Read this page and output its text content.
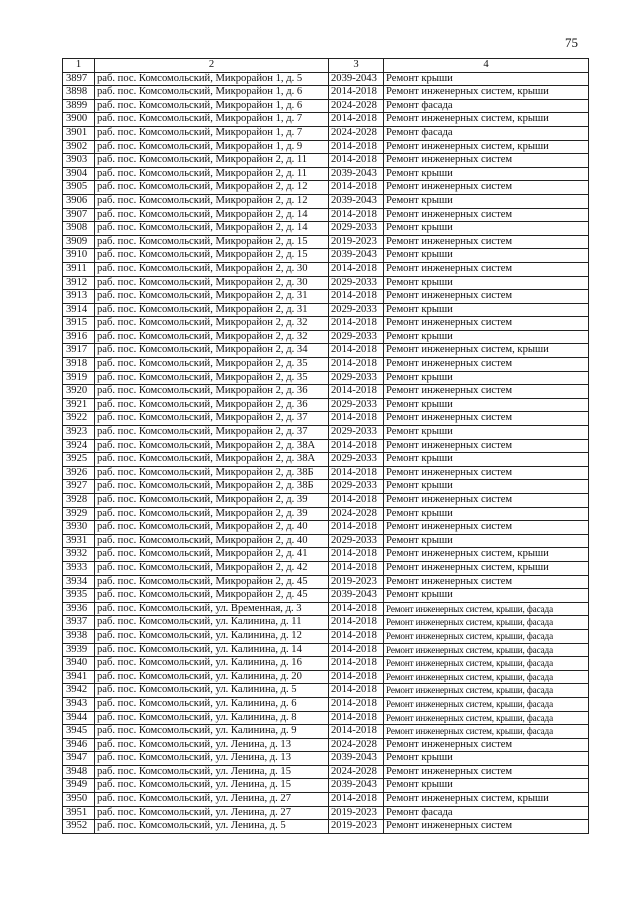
75
1	2	3	4
3897	раб. пос. Комсомольский, Микрорайон 1, д. 5	2039-2043	Ремонт крыши
3898	раб. пос. Комсомольский, Микрорайон 1, д. 6	2014-2018	Ремонт инженерных систем, крыши
3899	раб. пос. Комсомольский, Микрорайон 1, д. 6	2024-2028	Ремонт фасада
3900	раб. пос. Комсомольский, Микрорайон 1, д. 7	2014-2018	Ремонт инженерных систем, крыши
3901	раб. пос. Комсомольский, Микрорайон 1, д. 7	2024-2028	Ремонт фасада
3902	раб. пос. Комсомольский, Микрорайон 1, д. 9	2014-2018	Ремонт инженерных систем, крыши
3903	раб. пос. Комсомольский, Микрорайон 2, д. 11	2014-2018	Ремонт инженерных систем
3904	раб. пос. Комсомольский, Микрорайон 2, д. 11	2039-2043	Ремонт крыши
3905	раб. пос. Комсомольский, Микрорайон 2, д. 12	2014-2018	Ремонт инженерных систем
3906	раб. пос. Комсомольский, Микрорайон 2, д. 12	2039-2043	Ремонт крыши
3907	раб. пос. Комсомольский, Микрорайон 2, д. 14	2014-2018	Ремонт инженерных систем
3908	раб. пос. Комсомольский, Микрорайон 2, д. 14	2029-2033	Ремонт крыши
3909	раб. пос. Комсомольский, Микрорайон 2, д. 15	2019-2023	Ремонт инженерных систем
3910	раб. пос. Комсомольский, Микрорайон 2, д. 15	2039-2043	Ремонт крыши
3911	раб. пос. Комсомольский, Микрорайон 2, д. 30	2014-2018	Ремонт инженерных систем
3912	раб. пос. Комсомольский, Микрорайон 2, д. 30	2029-2033	Ремонт крыши
3913	раб. пос. Комсомольский, Микрорайон 2, д. 31	2014-2018	Ремонт инженерных систем
3914	раб. пос. Комсомольский, Микрорайон 2, д. 31	2029-2033	Ремонт крыши
3915	раб. пос. Комсомольский, Микрорайон 2, д. 32	2014-2018	Ремонт инженерных систем
3916	раб. пос. Комсомольский, Микрорайон 2, д. 32	2029-2033	Ремонт крыши
3917	раб. пос. Комсомольский, Микрорайон 2, д. 34	2014-2018	Ремонт инженерных систем, крыши
3918	раб. пос. Комсомольский, Микрорайон 2, д. 35	2014-2018	Ремонт инженерных систем
3919	раб. пос. Комсомольский, Микрорайон 2, д. 35	2029-2033	Ремонт крыши
3920	раб. пос. Комсомольский, Микрорайон 2, д. 36	2014-2018	Ремонт инженерных систем
3921	раб. пос. Комсомольский, Микрорайон 2, д. 36	2029-2033	Ремонт крыши
3922	раб. пос. Комсомольский, Микрорайон 2, д. 37	2014-2018	Ремонт инженерных систем
3923	раб. пос. Комсомольский, Микрорайон 2, д. 37	2029-2033	Ремонт крыши
3924	раб. пос. Комсомольский, Микрорайон 2, д. 38А	2014-2018	Ремонт инженерных систем
3925	раб. пос. Комсомольский, Микрорайон 2, д. 38А	2029-2033	Ремонт крыши
3926	раб. пос. Комсомольский, Микрорайон 2, д. 38Б	2014-2018	Ремонт инженерных систем
3927	раб. пос. Комсомольский, Микрорайон 2, д. 38Б	2029-2033	Ремонт крыши
3928	раб. пос. Комсомольский, Микрорайон 2, д. 39	2014-2018	Ремонт инженерных систем
3929	раб. пос. Комсомольский, Микрорайон 2, д. 39	2024-2028	Ремонт крыши
3930	раб. пос. Комсомольский, Микрорайон 2, д. 40	2014-2018	Ремонт инженерных систем
3931	раб. пос. Комсомольский, Микрорайон 2, д. 40	2029-2033	Ремонт крыши
3932	раб. пос. Комсомольский, Микрорайон 2, д. 41	2014-2018	Ремонт инженерных систем, крыши
3933	раб. пос. Комсомольский, Микрорайон 2, д. 42	2014-2018	Ремонт инженерных систем, крыши
3934	раб. пос. Комсомольский, Микрорайон 2, д. 45	2019-2023	Ремонт инженерных систем
3935	раб. пос. Комсомольский, Микрорайон 2, д. 45	2039-2043	Ремонт крыши
3936	раб. пос. Комсомольский, ул. Временная, д. 3	2014-2018	Ремонт инженерных систем, крыши, фасада
3937	раб. пос. Комсомольский, ул. Калинина, д. 11	2014-2018	Ремонт инженерных систем, крыши, фасада
3938	раб. пос. Комсомольский, ул. Калинина, д. 12	2014-2018	Ремонт инженерных систем, крыши, фасада
3939	раб. пос. Комсомольский, ул. Калинина, д. 14	2014-2018	Ремонт инженерных систем, крыши, фасада
3940	раб. пос. Комсомольский, ул. Калинина, д. 16	2014-2018	Ремонт инженерных систем, крыши, фасада
3941	раб. пос. Комсомольский, ул. Калинина, д. 20	2014-2018	Ремонт инженерных систем, крыши, фасада
3942	раб. пос. Комсомольский, ул. Калинина, д. 5	2014-2018	Ремонт инженерных систем, крыши, фасада
3943	раб. пос. Комсомольский, ул. Калинина, д. 6	2014-2018	Ремонт инженерных систем, крыши, фасада
3944	раб. пос. Комсомольский, ул. Калинина, д. 8	2014-2018	Ремонт инженерных систем, крыши, фасада
3945	раб. пос. Комсомольский, ул. Калинина, д. 9	2014-2018	Ремонт инженерных систем, крыши, фасада
3946	раб. пос. Комсомольский, ул. Ленина, д. 13	2024-2028	Ремонт инженерных систем
3947	раб. пос. Комсомольский, ул. Ленина, д. 13	2039-2043	Ремонт крыши
3948	раб. пос. Комсомольский, ул. Ленина, д. 15	2024-2028	Ремонт инженерных систем
3949	раб. пос. Комсомольский, ул. Ленина, д. 15	2039-2043	Ремонт крыши
3950	раб. пос. Комсомольский, ул. Ленина, д. 27	2014-2018	Ремонт инженерных систем, крыши
3951	раб. пос. Комсомольский, ул. Ленина, д. 27	2019-2023	Ремонт фасада
3952	раб. пос. Комсомольский, ул. Ленина, д. 5	2019-2023	Ремонт инженерных систем
